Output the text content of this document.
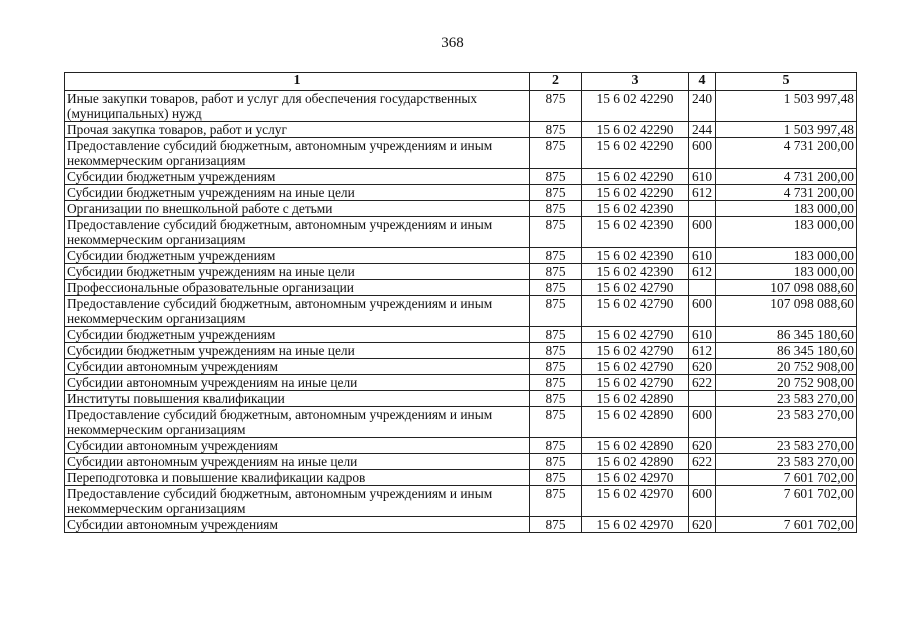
368
1	2	3	4	5
Иные закупки товаров, работ и услуг для обеспечения государственных (муниципальных) нужд	875	15 6 02 42290	240	1 503 997,48
Прочая закупка товаров, работ и услуг	875	15 6 02 42290	244	1 503 997,48
Предоставление субсидий бюджетным, автономным учреждениям и иным некоммерческим организациям	875	15 6 02 42290	600	4 731 200,00
Субсидии бюджетным учреждениям	875	15 6 02 42290	610	4 731 200,00
Субсидии бюджетным учреждениям на иные цели	875	15 6 02 42290	612	4 731 200,00
Организации по внешкольной работе с детьми	875	15 6 02 42390		183 000,00
Предоставление субсидий бюджетным, автономным учреждениям и иным некоммерческим организациям	875	15 6 02 42390	600	183 000,00
Субсидии бюджетным учреждениям	875	15 6 02 42390	610	183 000,00
Субсидии бюджетным учреждениям на иные цели	875	15 6 02 42390	612	183 000,00
Профессиональные образовательные организации	875	15 6 02 42790		107 098 088,60
Предоставление субсидий бюджетным, автономным учреждениям и иным некоммерческим организациям	875	15 6 02 42790	600	107 098 088,60
Субсидии бюджетным учреждениям	875	15 6 02 42790	610	86 345 180,60
Субсидии бюджетным учреждениям на иные цели	875	15 6 02 42790	612	86 345 180,60
Субсидии автономным учреждениям	875	15 6 02 42790	620	20 752 908,00
Субсидии автономным учреждениям на иные цели	875	15 6 02 42790	622	20 752 908,00
Институты повышения квалификации	875	15 6 02 42890		23 583 270,00
Предоставление субсидий бюджетным, автономным учреждениям и иным некоммерческим организациям	875	15 6 02 42890	600	23 583 270,00
Субсидии автономным учреждениям	875	15 6 02 42890	620	23 583 270,00
Субсидии автономным учреждениям на иные цели	875	15 6 02 42890	622	23 583 270,00
Переподготовка и повышение квалификации кадров	875	15 6 02 42970		7 601 702,00
Предоставление субсидий бюджетным, автономным учреждениям и иным некоммерческим организациям	875	15 6 02 42970	600	7 601 702,00
Субсидии автономным учреждениям	875	15 6 02 42970	620	7 601 702,00
